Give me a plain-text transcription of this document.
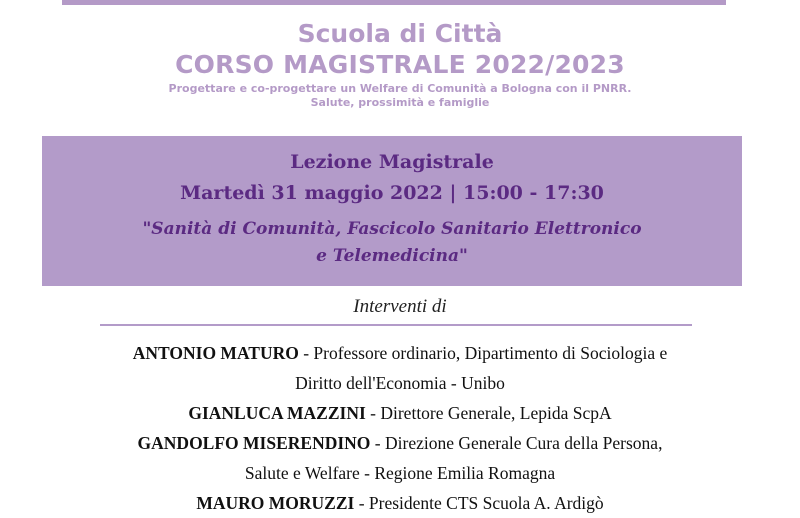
Scuola di Città
CORSO MAGISTRALE 2022/2023
Progettare e co-progettare un Welfare di Comunità a Bologna con il PNRR.
Salute, prossimità e famiglie
Lezione Magistrale
Martedì 31 maggio 2022 | 15:00 - 17:30
"Sanità di Comunità, Fascicolo Sanitario Elettronico
e Telemedicina"
Interventi di
ANTONIO MATURO - Professore ordinario, Dipartimento di Sociologia e
Diritto dell'Economia - Unibo
GIANLUCA MAZZINI - Direttore Generale, Lepida ScpA
GANDOLFO MISERENDINO - Direzione Generale Cura della Persona,
Salute e Welfare - Regione Emilia Romagna
MAURO MORUZZI - Presidente CTS Scuola A. Ardigò
